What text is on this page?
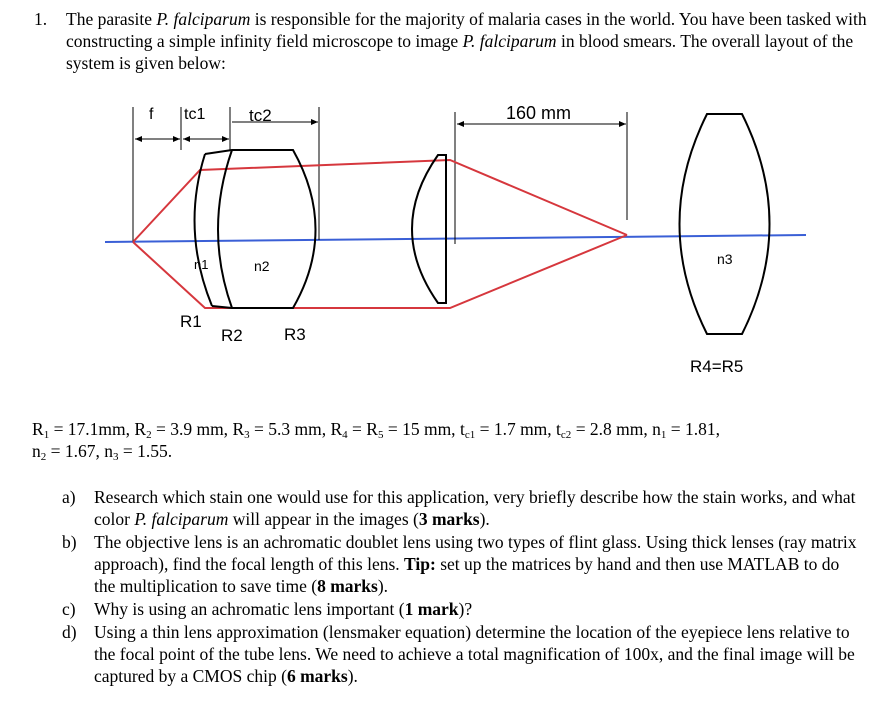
1. The parasite P. falciparum is responsible for the majority of malaria cases in the world. You have been tasked with constructing a simple infinity field microscope to image P. falciparum in blood smears. The overall layout of the system is given below:
f tc1	tc2	160 mm
n1	n2	n3
R1
R2 R3
R4=R5
$R_1 = 17.1mm$, $R_2 = 3.9$ mm, $R_3 = 5.3$ mm, $R_4 = R_5 = 15$ mm, $t_{c1} = 1.7$ mm, $t_{c2} = 2.8$ mm, $n_1 = 1.81$,
$n_2 = 1.67$, $n_3 = 1.55$.
a) Research which stain one would use for this application, very briefly describe how the stain works, and what color P. falciparum will appear in the images (3 marks).
b) The objective lens is an achromatic doublet lens using two types of flint glass. Using thick lenses (ray matrix approach), find the focal length of this lens. Tip: set up the matrices by hand and then use MATLAB to do the multiplication to save time (8 marks).
c) Why is using an achromatic lens important (1 mark)?
d) Using a thin lens approximation (lensmaker equation) determine the location of the eyepiece lens relative to the focal point of the tube lens. We need to achieve a total magnification of 100x, and the final image will be captured by a CMOS chip (6 marks).
